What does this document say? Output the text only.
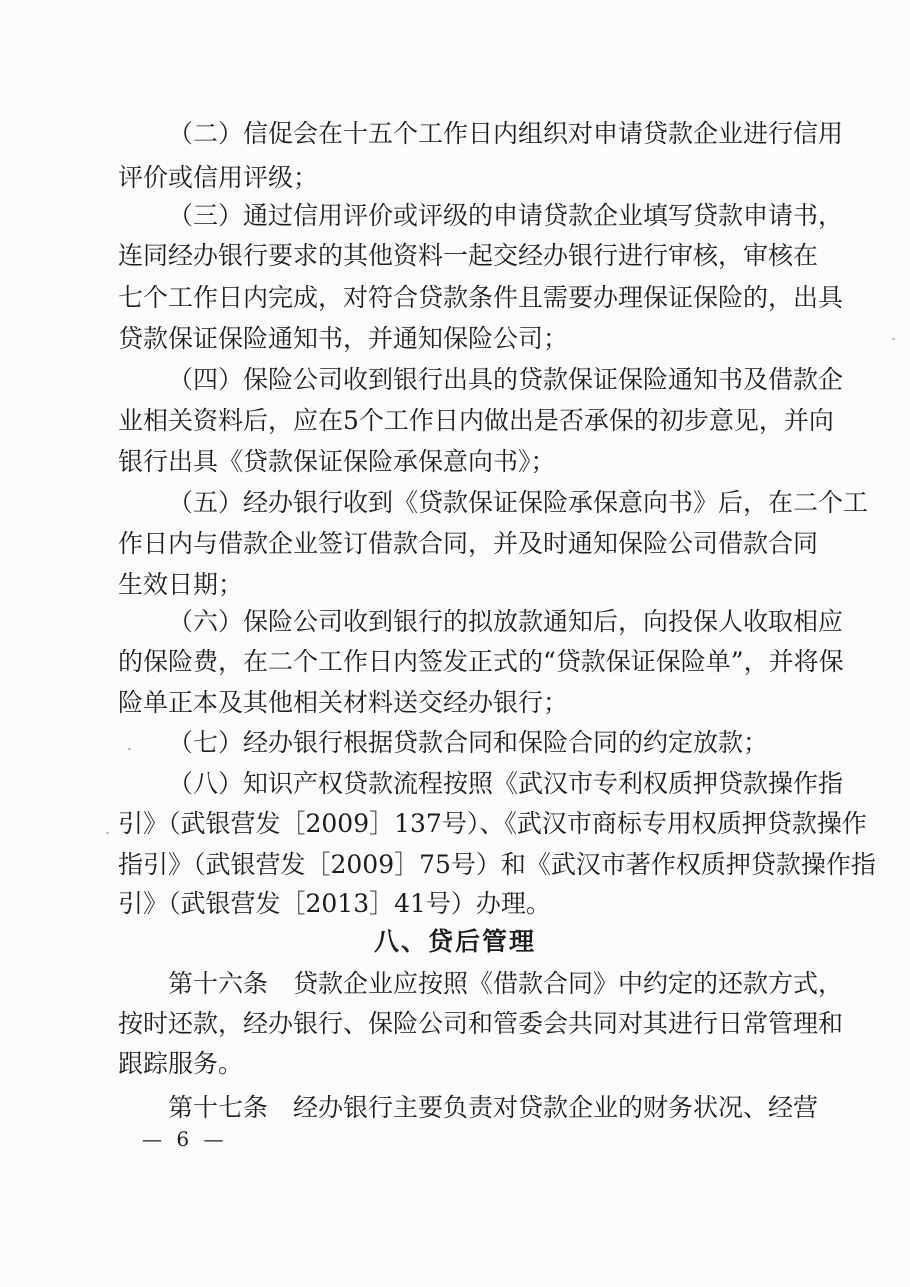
（二）信促会在十五个工作日内组织对申请贷款企业进行信用
评价或信用评级；
（三）通过信用评价或评级的申请贷款企业填写贷款申请书，
连同经办银行要求的其他资料一起交经办银行进行审核，审核在
七个工作日内完成，对符合贷款条件且需要办理保证保险的，出具
贷款保证保险通知书，并通知保险公司；
（四）保险公司收到银行出具的贷款保证保险通知书及借款企
业相关资料后，应在5个工作日内做出是否承保的初步意见，并向
银行出具《贷款保证保险承保意向书》；
（五）经办银行收到《贷款保证保险承保意向书》后，在二个工
作日内与借款企业签订借款合同，并及时通知保险公司借款合同
生效日期；
（六）保险公司收到银行的拟放款通知后，向投保人收取相应
的保险费，在二个工作日内签发正式的“贷款保证保险单”，并将保
险单正本及其他相关材料送交经办银行；
（七）经办银行根据贷款合同和保险合同的约定放款；
（八）知识产权贷款流程按照《武汉市专利权质押贷款操作指
引》（武银营发［2009］137号）、《武汉市商标专用权质押贷款操作
指引》（武银营发［2009］75号）和《武汉市著作权质押贷款操作指
引》（武银营发［2013］41号）办理。
八、贷后管理
第十六条　贷款企业应按照《借款合同》中约定的还款方式，
按时还款，经办银行、保险公司和管委会共同对其进行日常管理和
跟踪服务。
第十七条　经办银行主要负责对贷款企业的财务状况、经营
— 6 —
